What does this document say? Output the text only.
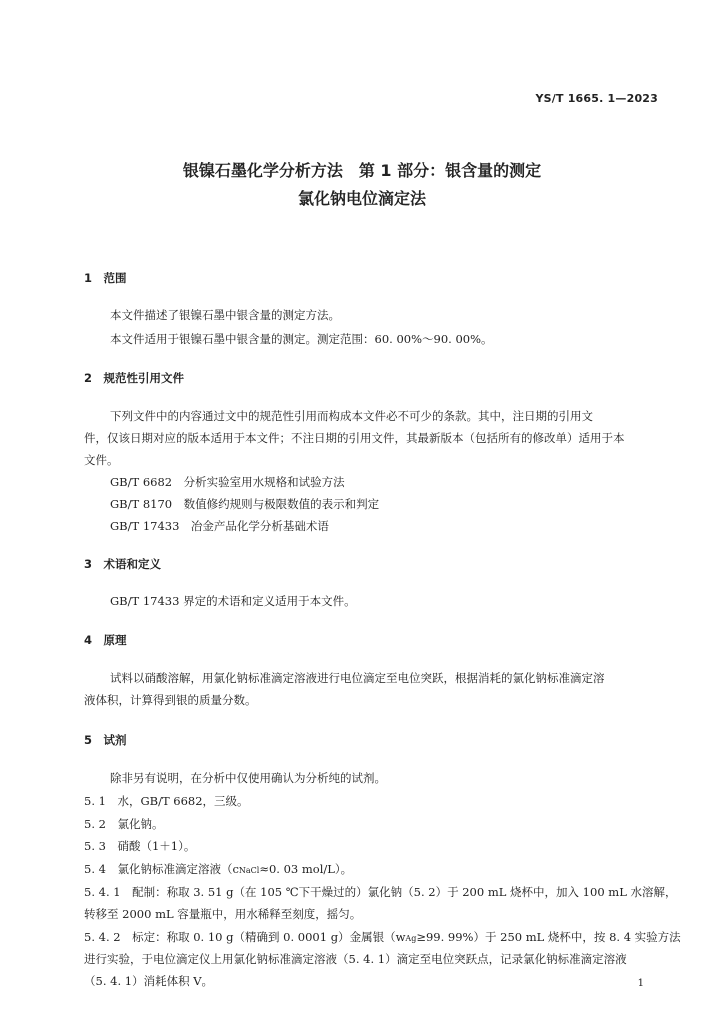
YS/T 1665. 1—2023
银镍石墨化学分析方法　第 1 部分：银含量的测定
氯化钠电位滴定法
1　范围
本文件描述了银镍石墨中银含量的测定方法。
本文件适用于银镍石墨中银含量的测定。测定范围：60. 00%～90. 00%。
2　规范性引用文件
下列文件中的内容通过文中的规范性引用而构成本文件必不可少的条款。其中，注日期的引用文
件，仅该日期对应的版本适用于本文件；不注日期的引用文件，其最新版本（包括所有的修改单）适用于本
文件。
GB/T 6682　分析实验室用水规格和试验方法
GB/T 8170　数值修约规则与极限数值的表示和判定
GB/T 17433　冶金产品化学分析基础术语
3　术语和定义
GB/T 17433 界定的术语和定义适用于本文件。
4　原理
试料以硝酸溶解，用氯化钠标准滴定溶液进行电位滴定至电位突跃，根据消耗的氯化钠标准滴定溶
液体积，计算得到银的质量分数。
5　试剂
除非另有说明，在分析中仅使用确认为分析纯的试剂。
5. 1　水，GB/T 6682，三级。
5. 2　氯化钠。
5. 3　硝酸（1＋1）。
5. 4　氯化钠标准滴定溶液（cNaCl≈0. 03 mol/L）。
5. 4. 1　配制：称取 3. 51 g（在 105 ℃下干燥过的）氯化钠（5. 2）于 200 mL 烧杯中，加入 100 mL 水溶解，
转移至 2000 mL 容量瓶中，用水稀释至刻度，摇匀。
5. 4. 2　标定：称取 0. 10 g（精确到 0. 0001 g）金属银（wAg≥99. 99%）于 250 mL 烧杯中，按 8. 4 实验方法
进行实验，于电位滴定仪上用氯化钠标准滴定溶液（5. 4. 1）滴定至电位突跃点，记录氯化钠标准滴定溶液
（5. 4. 1）消耗体积 V。	1
